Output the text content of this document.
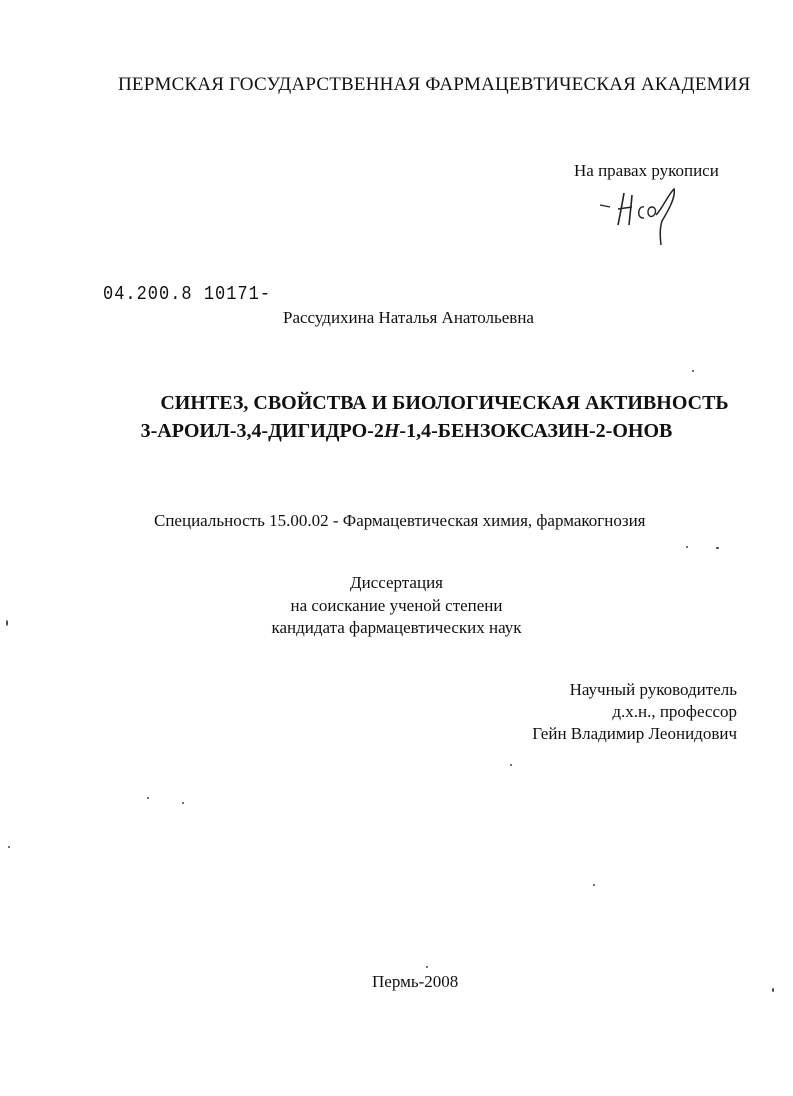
ПЕРМСКАЯ ГОСУДАРСТВЕННАЯ ФАРМАЦЕВТИЧЕСКАЯ АКАДЕМИЯ
На правах рукописи
04.200.8 10171-
Рассудихина Наталья Анатольевна
СИНТЕЗ, СВОЙСТВА И БИОЛОГИЧЕСКАЯ АКТИВНОСТЬ
3-АРОИЛ-3,4-ДИГИДРО-2Н-1,4-БЕНЗОКСАЗИН-2-ОНОВ
Специальность 15.00.02 - Фармацевтическая химия, фармакогнозия
Диссертация
на соискание ученой степени
кандидата фармацевтических наук
Научный руководитель
д.х.н., профессор
Гейн Владимир Леонидович
Пермь-2008
